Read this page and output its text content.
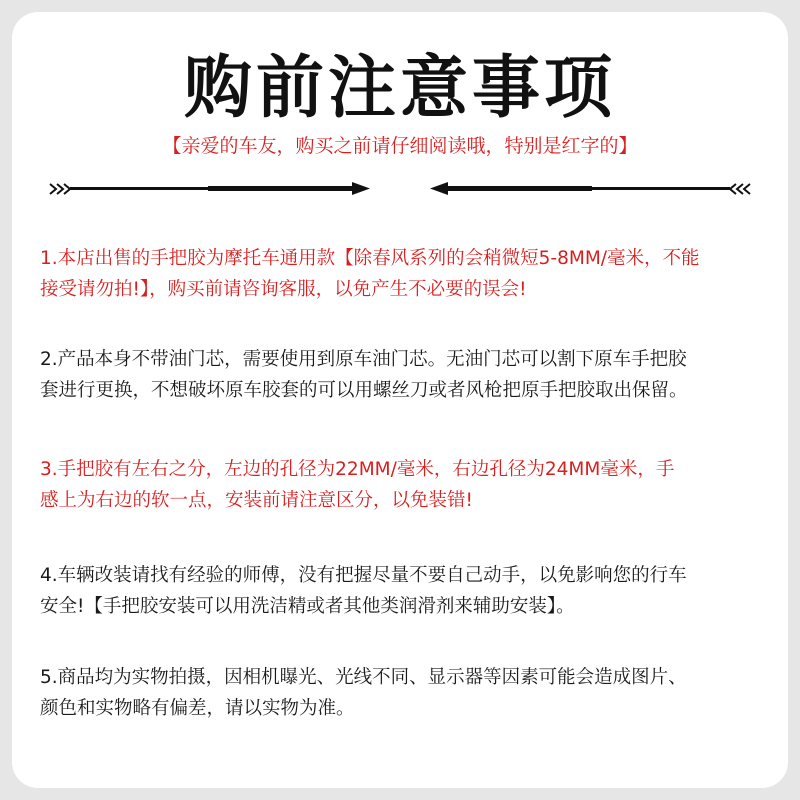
购前注意事项
【亲爱的车友，购买之前请仔细阅读哦，特别是红字的】
1.本店出售的手把胶为摩托车通用款【除春风系列的会稍微短5-8MM/毫米，不能
接受请勿拍!】，购买前请咨询客服，以免产生不必要的误会!
2.产品本身不带油门芯，需要使用到原车油门芯。无油门芯可以割下原车手把胶
套进行更换，不想破坏原车胶套的可以用螺丝刀或者风枪把原手把胶取出保留。
3.手把胶有左右之分，左边的孔径为22MM/毫米，右边孔径为24MM毫米，手
感上为右边的软一点，安装前请注意区分，以免装错!
4.车辆改装请找有经验的师傅，没有把握尽量不要自己动手，以免影响您的行车
安全!【手把胶安装可以用洗洁精或者其他类润滑剂来辅助安装】。
5.商品均为实物拍摄，因相机曝光、光线不同、显示器等因素可能会造成图片、
颜色和实物略有偏差，请以实物为准。
